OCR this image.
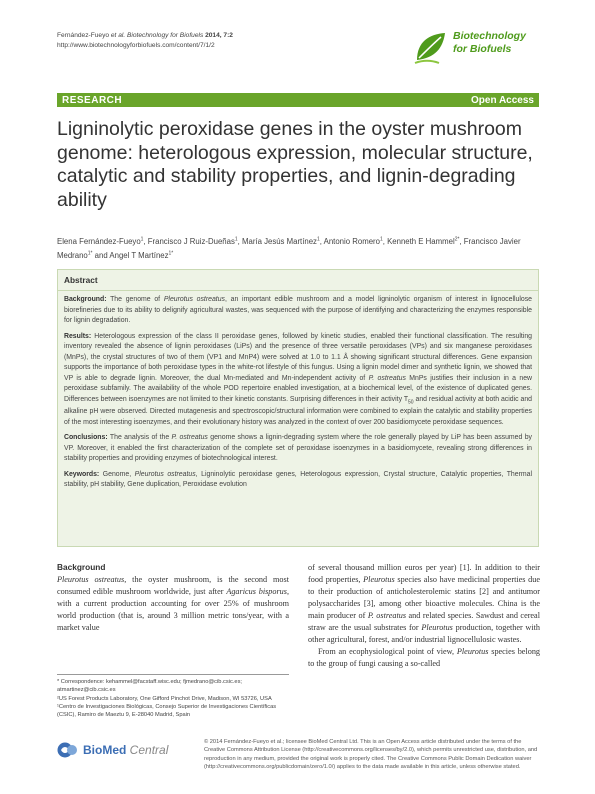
Fernández-Fueyo et al. Biotechnology for Biofuels 2014, 7:2
http://www.biotechnologyforbiofuels.com/content/7/1/2
Biotechnology
for Biofuels
RESEARCH	Open Access
Ligninolytic peroxidase genes in the oyster mushroom genome: heterologous expression, molecular structure, catalytic and stability properties, and lignin-degrading ability
Elena Fernández-Fueyo$^1$, Francisco J Ruiz-Dueñas$^1$, María Jesús Martínez$^1$, Antonio Romero$^1$, Kenneth E Hammel$^{2*}$, Francisco Javier Medrano$^{1*}$ and Angel T Martínez$^{1*}$
Abstract

Background: The genome of Pleurotus ostreatus, an important edible mushroom and a model ligninolytic organism of interest in lignocellulose biorefineries due to its ability to delignify agricultural wastes, was sequenced with the purpose of identifying and characterizing the enzymes responsible for lignin degradation.

Results: Heterologous expression of the class II peroxidase genes, followed by kinetic studies, enabled their functional classification. The resulting inventory revealed the absence of lignin peroxidases (LiPs) and the presence of three versatile peroxidases (VPs) and six manganese peroxidases (MnPs), the crystal structures of two of them (VP1 and MnP4) were solved at 1.0 to 1.1 Å showing significant structural differences. Gene expansion supports the importance of both peroxidase types in the white-rot lifestyle of this fungus. Using a lignin model dimer and synthetic lignin, we showed that VP is able to degrade lignin. Moreover, the dual Mn-mediated and Mn-independent activity of P. ostreatus MnPs justifies their inclusion in a new peroxidase subfamily. The availability of the whole POD repertoire enabled investigation, at a biochemical level, of the existence of duplicated genes. Differences between isoenzymes are not limited to their kinetic constants. Surprising differences in their activity $T_{50}$ and residual activity at both acidic and alkaline pH were observed. Directed mutagenesis and spectroscopic/structural information were combined to explain the catalytic and stability properties of the most interesting isoenzymes, and their evolutionary history was analyzed in the context of over 200 basidiomycete peroxidase sequences.

Conclusions: The analysis of the P. ostreatus genome shows a lignin-degrading system where the role generally played by LiP has been assumed by VP. Moreover, it enabled the first characterization of the complete set of peroxidase isoenzymes in a basidiomycete, revealing strong differences in stability properties and providing enzymes of biotechnological interest.

Keywords: Genome, Pleurotus ostreatus, Ligninolytic peroxidase genes, Heterologous expression, Crystal structure, Catalytic properties, Thermal stability, pH stability, Gene duplication, Peroxidase evolution

Background

Pleurotus ostreatus, the oyster mushroom, is the second most consumed edible mushroom worldwide, just after Agaricus bisporus, with a current production accounting for over 25% of mushroom world production (that is, around 3 million metric tons/year, with a market value

of several thousand million euros per year) [1]. In addition to their food properties, Pleurotus species also have medicinal properties due to their production of anticholesterolemic statins [2] and antitumor polysaccharides [3], among other bioactive molecules. China is the main producer of P. ostreatus and related species. Sawdust and cereal straw are the usual substrates for Pleurotus production, together with other agricultural, forest, and/or industrial lignocellulosic wastes.

From an ecophysiological point of view, Pleurotus species belong to the group of fungi causing a so-called

* Correspondence: kehammel@facstaff.wisc.edu; fjmedrano@cib.csic.es; atmartinez@cib.csic.es

²US Forest Products Laboratory, One Gifford Pinchot Drive, Madison, WI 53726, USA

¹Centro de Investigaciones Biológicas, Consejo Superior de Investigaciones Científicas (CSIC), Ramiro de Maeztu 9, E-28040 Madrid, Spain

BioMed Central
© 2014 Fernández-Fueyo et al.; licensee BioMed Central Ltd. This is an Open Access article distributed under the terms of the Creative Commons Attribution License (http://creativecommons.org/licenses/by/2.0), which permits unrestricted use, distribution, and reproduction in any medium, provided the original work is properly cited. The Creative Commons Public Domain Dedication waiver (http://creativecommons.org/publicdomain/zero/1.0/) applies to the data made available in this article, unless otherwise stated.
